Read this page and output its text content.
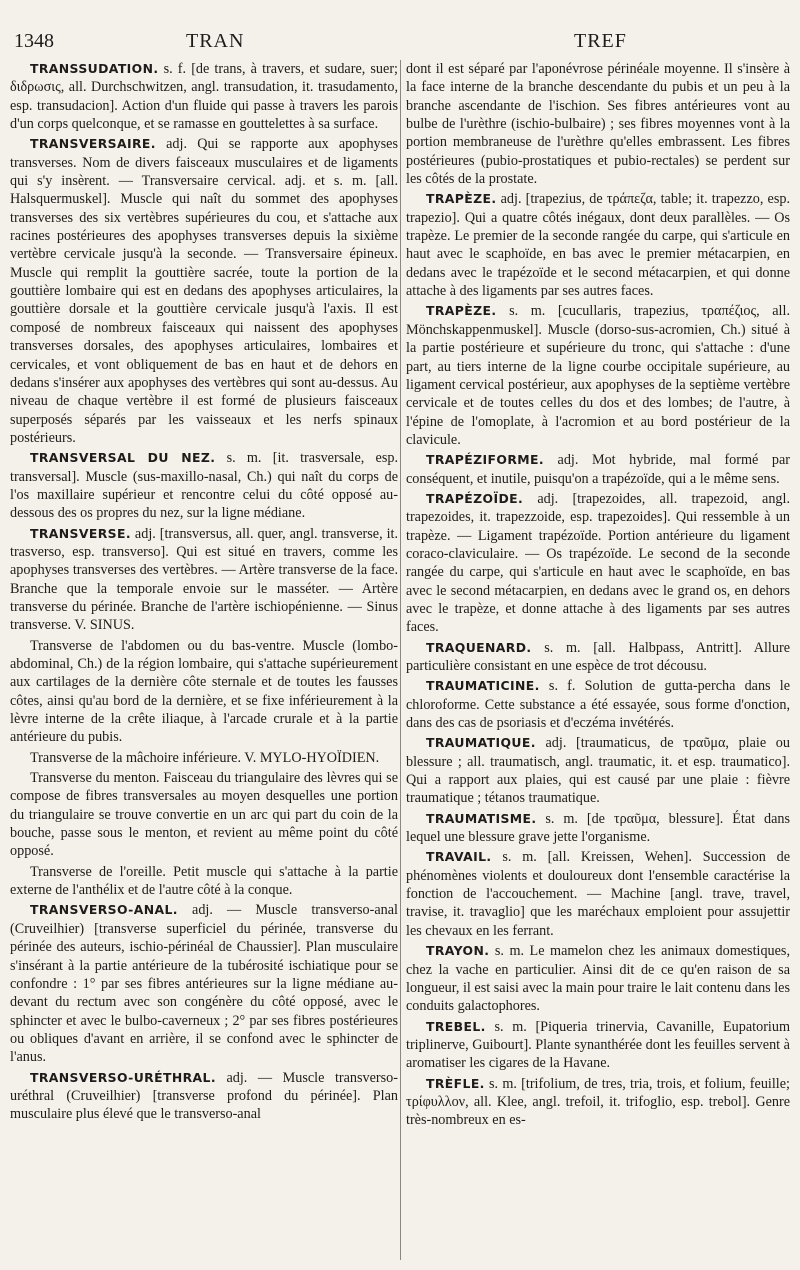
1348	TRAN	TREF

TRANSSUDATION. s. f. [de trans, à travers, et sudare, suer; διδρωσις, all. Durchschwitzen, angl. transudation, it. trasudamento, esp. transudacion]. Action d'un fluide qui passe à travers les parois d'un corps quelconque, et se ramasse en gouttelettes à sa surface.

TRANSVERSAIRE. adj. Qui se rapporte aux apophyses transverses. Nom de divers faisceaux musculaires et de ligaments qui s'y insèrent. — Transversaire cervical. adj. et s. m. [all. Halsquermuskel]. Muscle qui naît du sommet des apophyses transverses des six vertèbres supérieures du cou, et s'attache aux racines postérieures des apophyses transverses depuis la sixième vertèbre cervicale jusqu'à la seconde. — Transversaire épineux. Muscle qui remplit la gouttière sacrée, toute la portion de la gouttière lombaire qui est en dedans des apophyses articulaires, la gouttière dorsale et la gouttière cervicale jusqu'à l'axis. Il est composé de nombreux faisceaux qui naissent des apophyses transverses dorsales, des apophyses articulaires, lombaires et cervicales, et vont obliquement de bas en haut et de dehors en dedans s'insérer aux apophyses des vertèbres qui sont au-dessus. Au niveau de chaque vertèbre il est formé de plusieurs faisceaux superposés séparés par les vaisseaux et les nerfs spinaux postérieurs.

TRANSVERSAL DU NEZ. s. m. [it. trasversale, esp. transversal]. Muscle (sus-maxillo-nasal, Ch.) qui naît du corps de l'os maxillaire supérieur et rencontre celui du côté opposé au-dessous des os propres du nez, sur la ligne médiane.

TRANSVERSE. adj. [transversus, all. quer, angl. transverse, it. trasverso, esp. transverso]. Qui est situé en travers, comme les apophyses transverses des vertèbres. — Artère transverse de la face. Branche que la temporale envoie sur le masséter. — Artère transverse du périnée. Branche de l'artère ischiopénienne. — Sinus transverse. V. SINUS.

Transverse de l'abdomen ou du bas-ventre. Muscle (lombo-abdominal, Ch.) de la région lombaire, qui s'attache supérieurement aux cartilages de la dernière côte sternale et de toutes les fausses côtes, ainsi qu'au bord de la dernière, et se fixe inférieurement à la lèvre interne de la crête iliaque, à l'arcade crurale et à la partie antérieure du pubis.

Transverse de la mâchoire inférieure. V. MYLO-HYOÏDIEN.

Transverse du menton. Faisceau du triangulaire des lèvres qui se compose de fibres transversales au moyen desquelles une portion du triangulaire se trouve convertie en un arc qui part du coin de la bouche, passe sous le menton, et revient au même point du côté opposé.

Transverse de l'oreille. Petit muscle qui s'attache à la partie externe de l'anthélix et de l'autre côté à la conque.

TRANSVERSO-ANAL. adj. — Muscle transverso-anal (Cruveilhier) [transverse superficiel du périnée, transverse du périnée des auteurs, ischio-périnéal de Chaussier]. Plan musculaire s'insérant à la partie antérieure de la tubérosité ischiatique pour se confondre : 1° par ses fibres antérieures sur la ligne médiane au-devant du rectum avec son congénère du côté opposé, avec le sphincter et avec le bulbo-caverneux ; 2° par ses fibres postérieures ou obliques d'avant en arrière, il se confond avec le sphincter de l'anus.

TRANSVERSO-URÉTHRAL. adj. — Muscle transverso-uréthral (Cruveilhier) [transverse profond du périnée]. Plan musculaire plus élevé que le transverso-anal

dont il est séparé par l'aponévrose périnéale moyenne. Il s'insère à la face interne de la branche descendante du pubis et un peu à la branche ascendante de l'ischion. Ses fibres antérieures vont au bulbe de l'urèthre (ischio-bulbaire) ; ses fibres moyennes vont à la portion membraneuse de l'urèthre qu'elles embrassent. Les fibres postérieures (pubio-prostatiques et pubio-rectales) se perdent sur les côtés de la prostate.

TRAPÈZE. adj. [trapezius, de τράπεζα, table; it. trapezzo, esp. trapezio]. Qui a quatre côtés inégaux, dont deux parallèles. — Os trapèze. Le premier de la seconde rangée du carpe, qui s'articule en haut avec le scaphoïde, en bas avec le premier métacarpien, en dedans avec le trapézoïde et le second métacarpien, et qui donne attache à des ligaments par ses autres faces.

TRAPÈZE. s. m. [cucullaris, trapezius, τραπέζιος, all. Mönchskappenmuskel]. Muscle (dorso-sus-acromien, Ch.) situé à la partie postérieure et supérieure du tronc, qui s'attache : d'une part, au tiers interne de la ligne courbe occipitale supérieure, au ligament cervical postérieur, aux apophyses de la septième vertèbre cervicale et de toutes celles du dos et des lombes; de l'autre, à l'épine de l'omoplate, à l'acromion et au bord postérieur de la clavicule.

TRAPÉZIFORME. adj. Mot hybride, mal formé par conséquent, et inutile, puisqu'on a trapézoïde, qui a le même sens.

TRAPÉZOÏDE. adj. [trapezoides, all. trapezoid, angl. trapezoides, it. trapezzoide, esp. trapezoides]. Qui ressemble à un trapèze. — Ligament trapézoïde. Portion antérieure du ligament coraco-claviculaire. — Os trapézoïde. Le second de la seconde rangée du carpe, qui s'articule en haut avec le scaphoïde, en bas avec le second métacarpien, en dedans avec le grand os, en dehors avec le trapèze, et donne attache à des ligaments par ses autres faces.

TRAQUENARD. s. m. [all. Halbpass, Antritt]. Allure particulière consistant en une espèce de trot décousu.

TRAUMATICINE. s. f. Solution de gutta-percha dans le chloroforme. Cette substance a été essayée, sous forme d'onction, dans des cas de psoriasis et d'eczéma invétérés.

TRAUMATIQUE. adj. [traumaticus, de τραῦμα, plaie ou blessure ; all. traumatisch, angl. traumatic, it. et esp. traumatico]. Qui a rapport aux plaies, qui est causé par une plaie : fièvre traumatique ; tétanos traumatique.

TRAUMATISME. s. m. [de τραῦμα, blessure]. État dans lequel une blessure grave jette l'organisme.

TRAVAIL. s. m. [all. Kreissen, Wehen]. Succession de phénomènes violents et douloureux dont l'ensemble caractérise la fonction de l'accouchement. — Machine [angl. trave, travel, travise, it. travaglio] que les maréchaux emploient pour assujettir les chevaux en les ferrant.

TRAYON. s. m. Le mamelon chez les animaux domestiques, chez la vache en particulier. Ainsi dit de ce qu'en raison de sa longueur, il est saisi avec la main pour traire le lait contenu dans les conduits galactophores.

TREBEL. s. m. [Piqueria trinervia, Cavanille, Eupatorium triplinerve, Guibourt]. Plante synanthérée dont les feuilles servent à aromatiser les cigares de la Havane.

TRÈFLE. s. m. [trifolium, de tres, tria, trois, et folium, feuille; τρίφυλλον, all. Klee, angl. trefoil, it. trifoglio, esp. trebol]. Genre très-nombreux en es-
